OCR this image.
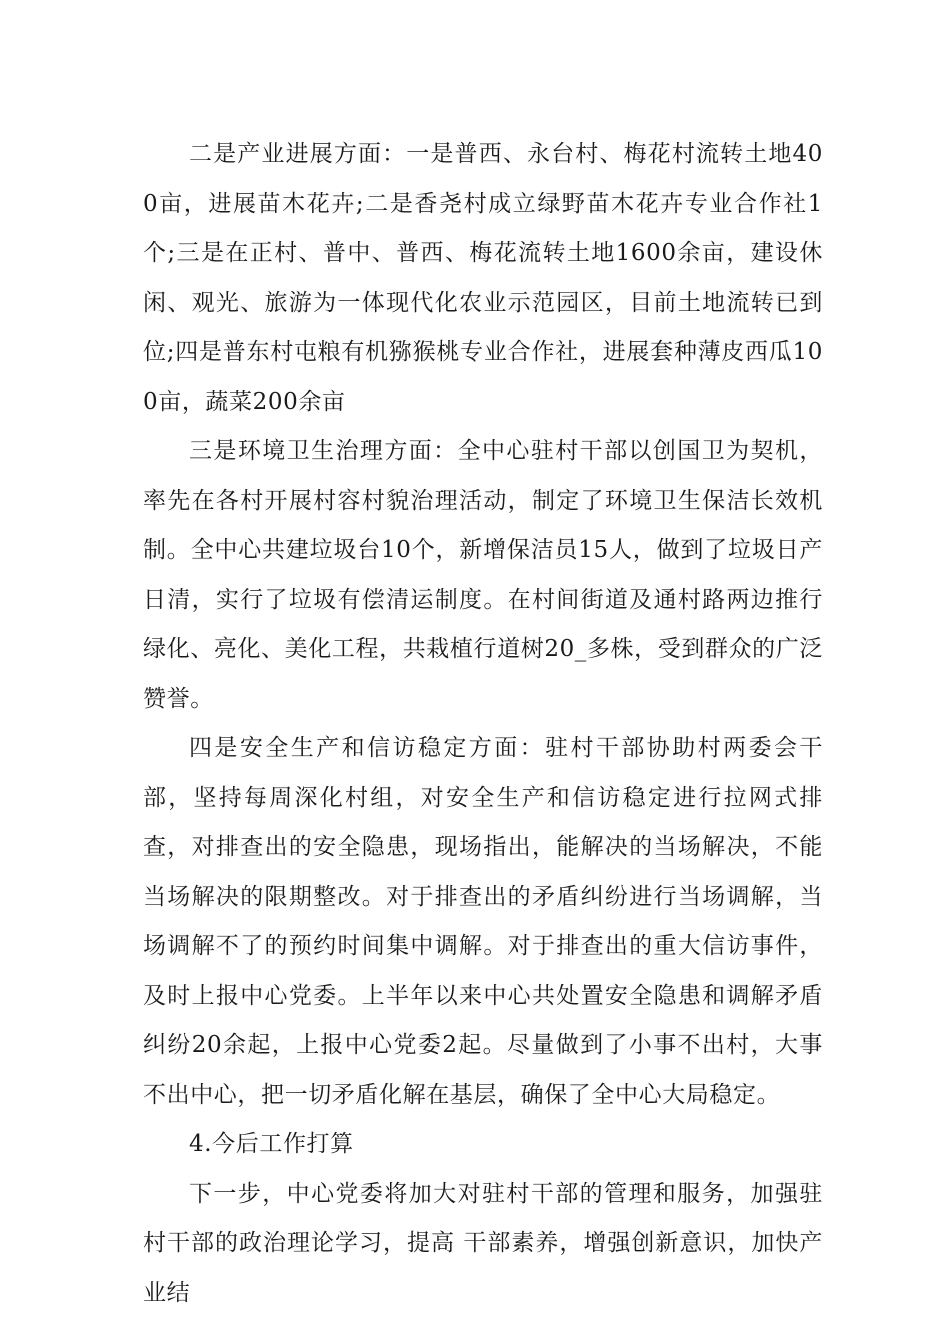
二是产业进展方面：一是普西、永台村、梅花村流转土地400亩，进展苗木花卉;二是香尧村成立绿野苗木花卉专业合作社1个;三是在正村、普中、普西、梅花流转土地1600余亩，建设休闲、观光、旅游为一体现代化农业示范园区，目前土地流转已到位;四是普东村屯粮有机猕猴桃专业合作社，进展套种薄皮西瓜100亩，蔬菜200余亩

三是环境卫生治理方面：全中心驻村干部以创国卫为契机，率先在各村开展村容村貌治理活动，制定了环境卫生保洁长效机制。全中心共建垃圾台10个，新增保洁员15人，做到了垃圾日产日清，实行了垃圾有偿清运制度。在村间街道及通村路两边推行绿化、亮化、美化工程，共栽植行道树20_多株，受到群众的广泛赞誉。

四是安全生产和信访稳定方面：驻村干部协助村两委会干部，坚持每周深化村组，对安全生产和信访稳定进行拉网式排查，对排查出的安全隐患，现场指出，能解决的当场解决，不能当场解决的限期整改。对于排查出的矛盾纠纷进行当场调解，当场调解不了的预约时间集中调解。对于排查出的重大信访事件，及时上报中心党委。上半年以来中心共处置安全隐患和调解矛盾纠纷20余起，上报中心党委2起。尽量做到了小事不出村，大事不出中心，把一切矛盾化解在基层，确保了全中心大局稳定。

4.今后工作打算

下一步，中心党委将加大对驻村干部的管理和服务，加强驻村干部的政治理论学习，提高 干部素养，增强创新意识，加快产业结
